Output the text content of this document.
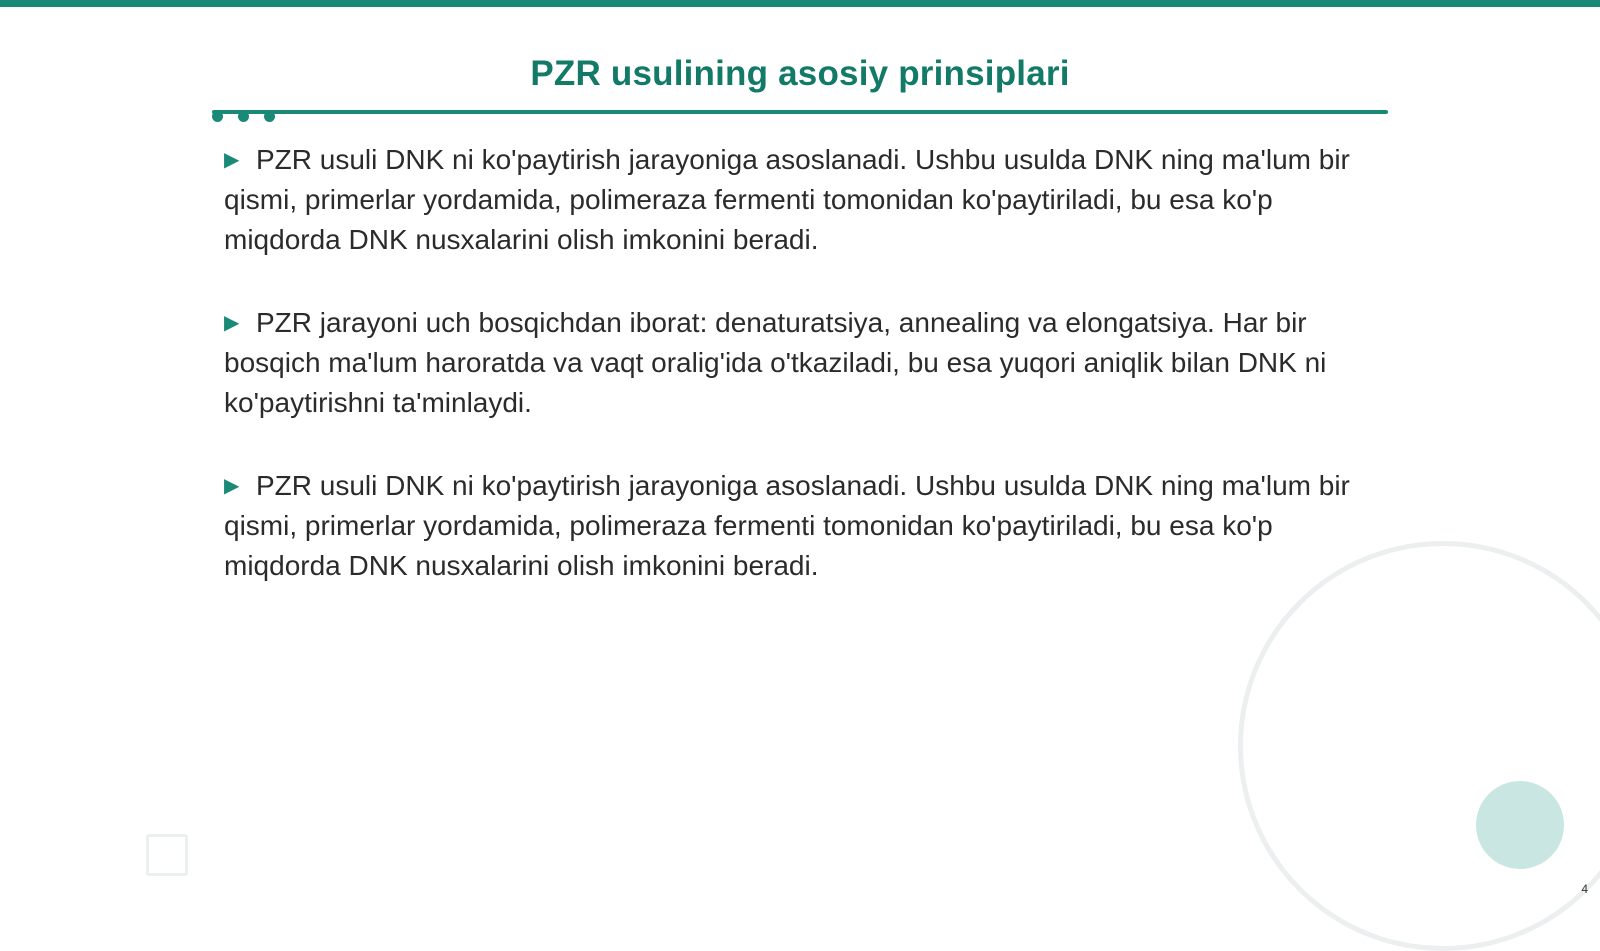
PZR usulining asosiy prinsiplari

▶ PZR usuli DNK ni ko'paytirish jarayoniga asoslanadi. Ushbu usulda DNK ning ma'lum bir qismi, primerlar yordamida, polimeraza fermenti tomonidan ko'paytiriladi, bu esa ko'p miqdorda DNK nusxalarini olish imkonini beradi.

▶ PZR jarayoni uch bosqichdan iborat: denaturatsiya, annealing va elongatsiya. Har bir bosqich ma'lum haroratda va vaqt oralig'ida o'tkaziladi, bu esa yuqori aniqlik bilan DNK ni ko'paytirishni ta'minlaydi.

▶ PZR usuli DNK ni ko'paytirish jarayoniga asoslanadi. Ushbu usulda DNK ning ma'lum bir qismi, primerlar yordamida, polimeraza fermenti tomonidan ko'paytiriladi, bu esa ko'p miqdorda DNK nusxalarini olish imkonini beradi.

4
